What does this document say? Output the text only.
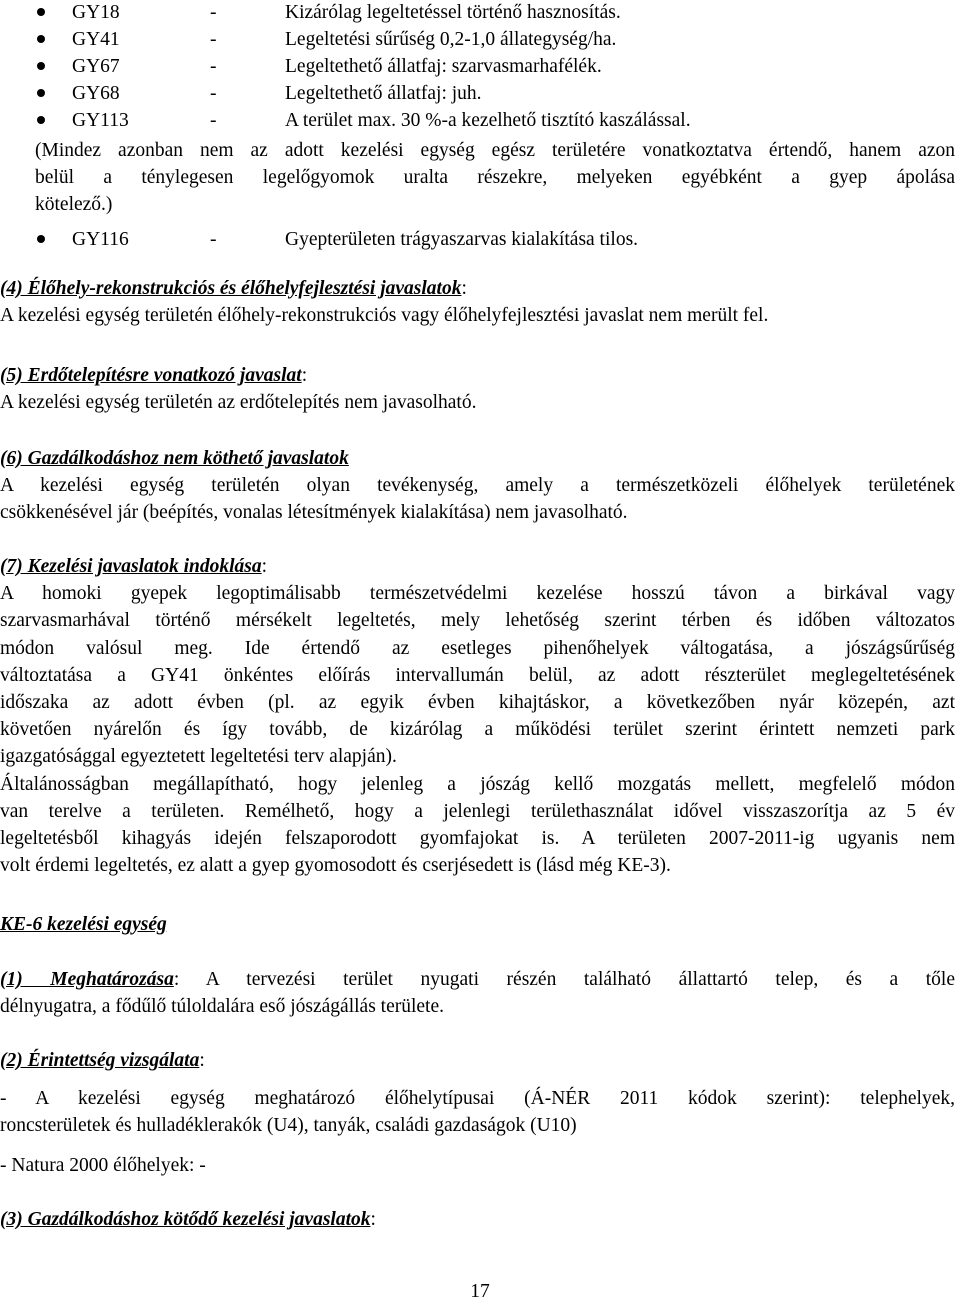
GY18	-	Kizárólag legeltetéssel történő hasznosítás.
GY41	-	Legeltetési sűrűség 0,2-1,0 állategység/ha.
GY67	-	Legeltethető állatfaj: szarvasmarhafélék.
GY68	-	Legeltethető állatfaj: juh.
GY113	-	A terület max. 30 %-a kezelhető tisztító kaszálással.
(Mindez azonban nem az adott kezelési egység egész területére vonatkoztatva értendő, hanem azon
belül a ténylegesen legelőgyomok uralta részekre, melyeken egyébként a gyep ápolása
kötelező.)
GY116	-	Gyepterületen trágyaszarvas kialakítása tilos.
(4) Élőhely-rekonstrukciós és élőhelyfejlesztési javaslatok:
A kezelési egység területén élőhely-rekonstrukciós vagy élőhelyfejlesztési javaslat nem merült fel.
(5) Erdőtelepítésre vonatkozó javaslat:
A kezelési egység területén az erdőtelepítés nem javasolható.
(6) Gazdálkodáshoz nem köthető javaslatok
A kezelési egység területén olyan tevékenység, amely a természetközeli élőhelyek területének
csökkenésével jár (beépítés, vonalas létesítmények kialakítása) nem javasolható.
(7) Kezelési javaslatok indoklása:
A homoki gyepek legoptimálisabb természetvédelmi kezelése hosszú távon a birkával vagy
szarvasmarhával történő mérsékelt legeltetés, mely lehetőség szerint térben és időben változatos
módon valósul meg. Ide értendő az esetleges pihenőhelyek váltogatása, a jószágsűrűség
változtatása a GY41 önkéntes előírás intervallumán belül, az adott részterület meglegeltetésének
időszaka az adott évben (pl. az egyik évben kihajtáskor, a következőben nyár közepén, azt
követően nyárelőn és így tovább, de kizárólag a működési terület szerint érintett nemzeti park
igazgatósággal egyeztetett legeltetési terv alapján).
Általánosságban megállapítható, hogy jelenleg a jószág kellő mozgatás mellett, megfelelő módon
van terelve a területen. Remélhető, hogy a jelenlegi területhasználat idővel visszaszorítja az 5 év
legeltetésből kihagyás idején felszaporodott gyomfajokat is. A területen 2007-2011-ig ugyanis nem
volt érdemi legeltetés, ez alatt a gyep gyomosodott és cserjésedett is (lásd még KE-3).
KE-6 kezelési egység
(1) Meghatározása: A tervezési terület nyugati részén található állattartó telep, és a tőle
délnyugatra, a fődűlő túloldalára eső jószágállás területe.
(2) Érintettség vizsgálata:
- A kezelési egység meghatározó élőhelytípusai (Á-NÉR 2011 kódok szerint): telephelyek,
roncsterületek és hulladéklerakók (U4), tanyák, családi gazdaságok (U10)
- Natura 2000 élőhelyek: -
(3) Gazdálkodáshoz kötődő kezelési javaslatok:
17
